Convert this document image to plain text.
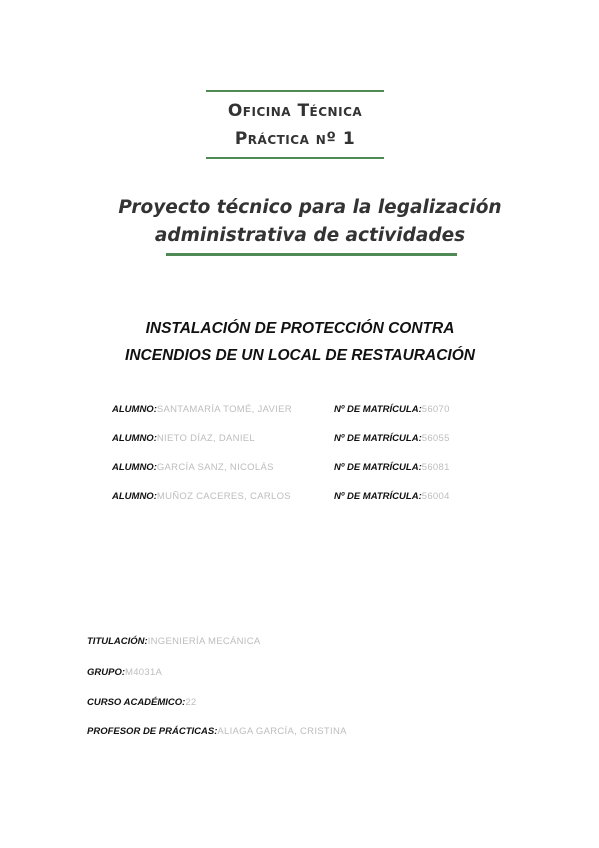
Oficina Técnica
Práctica nº 1
Proyecto técnico para la legalización
administrativa de actividades
INSTALACIÓN DE PROTECCIÓN CONTRA
INCENDIOS DE UN LOCAL DE RESTAURACIÓN
ALUMNO:SANTAMARÍA TOMÉ, JAVIER	Nº DE MATRÍCULA:56070
ALUMNO:NIETO DÍAZ, DANIEL	Nº DE MATRÍCULA:56055
ALUMNO:GARCÍA SANZ, NICOLÁS	Nº DE MATRÍCULA:56081
ALUMNO:MUÑOZ CACERES, CARLOS	Nº DE MATRÍCULA:56004
TITULACIÓN:INGENIERÍA MECÁNICA
GRUPO:M4031A
CURSO ACADÉMICO:22
PROFESOR DE PRÁCTICAS:ALIAGA GARCÍA, CRISTINA
